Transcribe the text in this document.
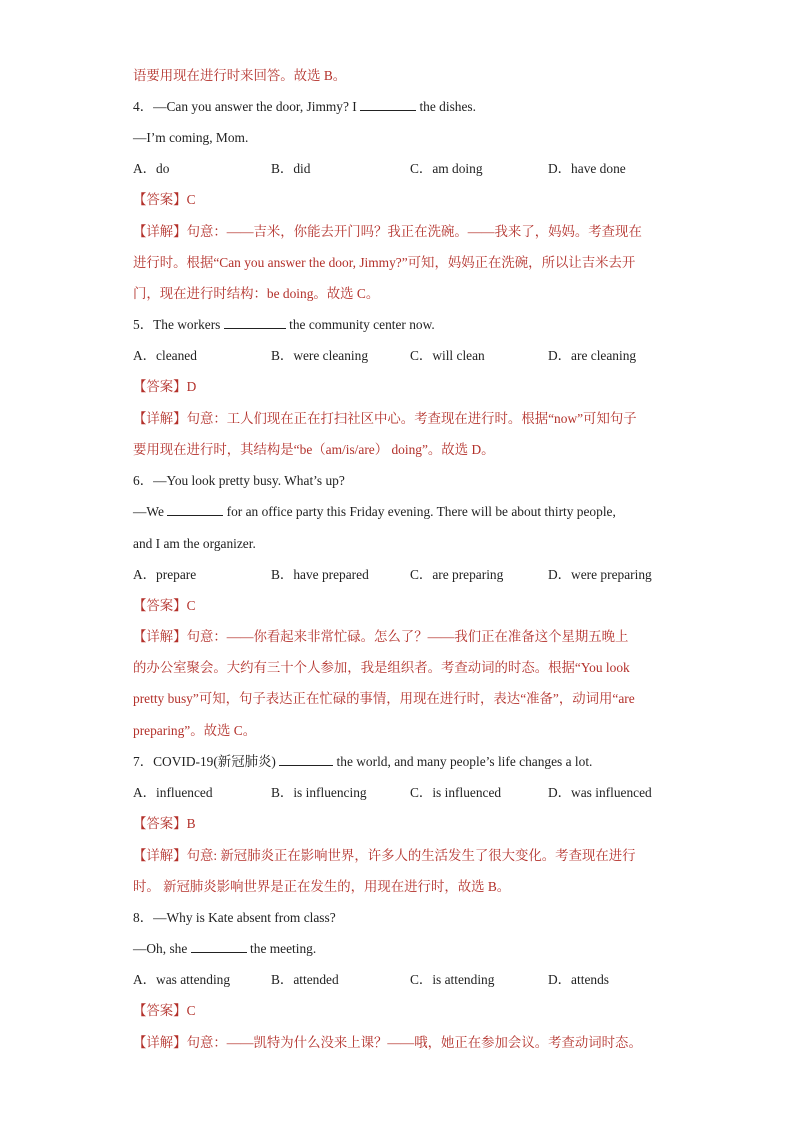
语要用现在进行时来回答。故选 B。
4．—Can you answer the door, Jimmy? I	the dishes.
—I’m coming, Mom.
A．do	B．did	C．am doing	D．have done
【答案】C
【详解】句意：——吉米，你能去开门吗？我正在洗碗。——我来了，妈妈。考查现在
进行时。根据“Can you answer the door, Jimmy?”可知，妈妈正在洗碗，所以让吉米去开
门，现在进行时结构：be doing。故选 C。
5．The workers	the community center now.
A．cleaned	B．were cleaning	C．will clean	D．are cleaning
【答案】D
【详解】句意：工人们现在正在打扫社区中心。考查现在进行时。根据“now”可知句子
要用现在进行时，其结构是“be（am/is/are） doing”。故选 D。
6．—You look pretty busy. What’s up?
—We	for an office party this Friday evening. There will be about thirty people,
and I am the organizer.
A．prepare	B．have prepared	C．are preparing	D．were preparing
【答案】C
【详解】句意：——你看起来非常忙碌。怎么了？——我们正在准备这个星期五晚上
的办公室聚会。大约有三十个人参加，我是组织者。考查动词的时态。根据“You look
pretty busy”可知，句子表达正在忙碌的事情，用现在进行时，表达“准备”，动词用“are
preparing”。故选 C。
7．COVID-19(新冠肺炎)	the world, and many people’s life changes a lot.
A．influenced	B．is influencing	C．is influenced	D．was influenced
【答案】B
【详解】句意: 新冠肺炎正在影响世界，许多人的生活发生了很大变化。考查现在进行
时。 新冠肺炎影响世界是正在发生的，用现在进行时，故选 B。
8．—Why is Kate absent from class?
—Oh, she	the meeting.
A．was attending	B．attended	C．is attending	D．attends
【答案】C
【详解】句意：——凯特为什么没来上课？——哦，她正在参加会议。考查动词时态。
